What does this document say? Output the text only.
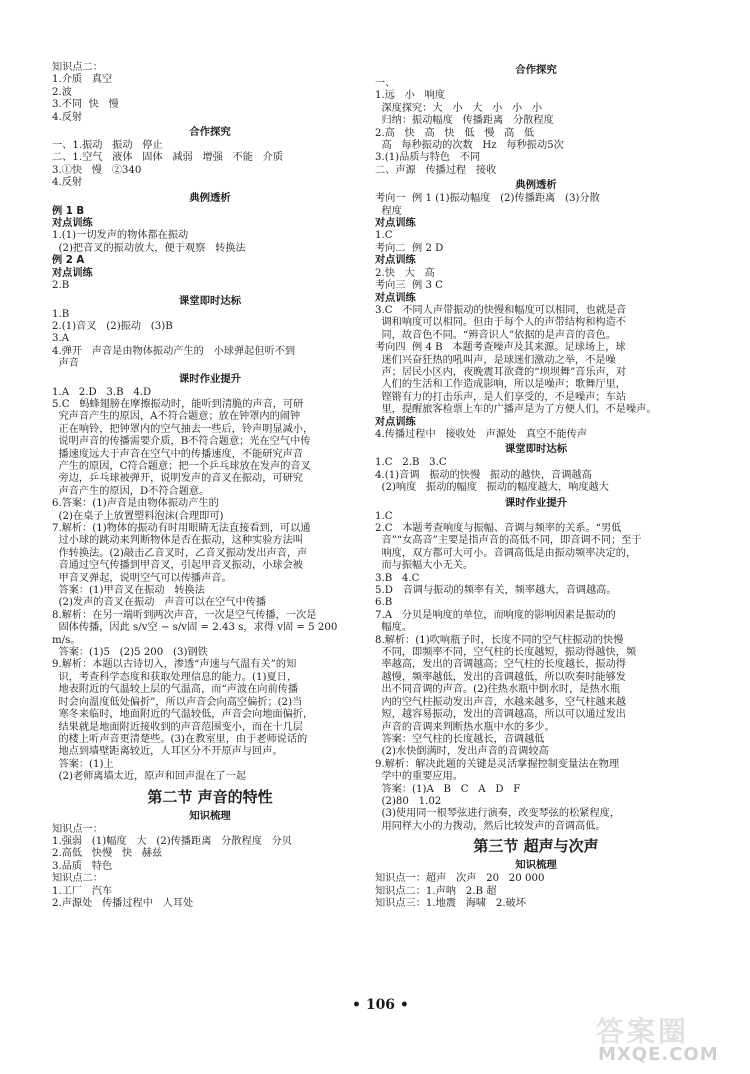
知识点二：
1.介质   真空
2.波
3.不同  快   慢
4.反射
合作探究
一、1.振动   振动   停止
二、1.空气   液体   固体   减弱   增强   不能   介质
3.①快   慢   ②340
4.反射
典例透析
例 1 B
对点训练
1.(1)一切发声的物体都在振动
(2)把音叉的振动放大，便于观察   转换法
例 2 A
对点训练
2.B
课堂即时达标
1.B
2.(1)音叉   (2)振动   (3)B
3.A
4.弹开   声音是由物体振动产生的   小球弹起但听不到
声音
课时作业提升
1.A   2.D   3.B   4.D
5.C   蚂蜂翅膀在摩擦振动时，能听到清脆的声音，可研
究声音产生的原因，A不符合题意；放在钟罩内的闹钟
正在响铃，把钟罩内的空气抽去一些后，铃声明显减小，
说明声音的传播需要介质，B不符合题意；光在空气中传
播速度远大于声音在空气中的传播速度，不能研究声音
产生的原因，C符合题意；把一个乒乓球放在发声的音叉
旁边，乒乓球被弹开，说明发声的音叉在振动，可研究
声音产生的原因，D不符合题意。
6.答案：(1)声音是由物体振动产生的
(2)在桌子上放置塑料泡沫(合理即可)
7.解析：(1)物体的振动有时用眼睛无法直接看到，可以通
过小球的跳动来判断物体是否在振动，这种实验方法叫
作转换法。(2)敲击乙音叉时，乙音叉振动发出声音，声
音通过空气传播到甲音叉，引起甲音叉振动，小球会被
甲音叉弹起，说明空气可以传播声音。
答案：(1)甲音叉在振动   转换法
(2)发声的音叉在振动   声音可以在空气中传播
8.解析：在另一端听到两次声音，一次是空气传播，一次是
固体传播，因此 s/v空 − s/v固 = 2.43 s，求得 v固 = 5 200 m/s。
答案：(1)5   (2)5 200   (3)钢铁
9.解析：本题以古诗切入，渗透“声速与气温有关”的知
识，考查科学态度和获取处理信息的能力。(1)夏日，
地表附近的气温较上层的气温高，而“声波在向前传播
时会向温度低处偏折”，所以声音会向高空偏折；(2)当
寒冬来临时，地面附近的气温较低，声音会向地面偏折，
结果就是地面附近接收到的声音范围变小，而在十几层
的楼上听声音更清楚些。(3)在教室里，由于老师说话的
地点到墙壁距离较近，人耳区分不开原声与回声。
答案：(1)上
(2)老师离墙太近，原声和回声混在了一起
第二节 声音的特性
知识梳理
知识点一：
1.强弱   (1)幅度   大   (2)传播距离   分散程度   分贝
2.高低   快慢   快   赫兹
3.品质   特色
知识点二：
1.工厂   汽车
2.声源处   传播过程中   人耳处
合作探究
一、
1.远   小   响度
深度探究：大   小   大   小   小   小
归纳：振动幅度   传播距离   分散程度
2.高   快   高   快   低   慢   高   低
高   每秒振动的次数   Hz   每秒振动5次
3.(1)品质与特色   不同
二、声源   传播过程   接收
典例透析
考向一  例 1 (1)振动幅度   (2)传播距离   (3)分散
程度
对点训练
1.C
考向二  例 2 D
对点训练
2.快   大   高
考向三  例 3 C
对点训练
3.C   不同人声带振动的快慢和幅度可以相同，也就是音
调和响度可以相同。但由于每个人的声带结构和构造不
同，故音色不同。“辨音识人”依据的是声音的音色。
考向四  例 4 B   本题考查噪声及其来源。足球场上，球
迷们兴奋狂热的吼叫声，是球迷们激动之举，不是噪
声；居民小区内，夜晚震耳欲聋的“坝坝舞”音乐声，对
人们的生活和工作造成影响，所以是噪声；歌舞厅里，
铿锵有力的打击乐声，是人们享受的，不是噪声；车站
里，提醒旅客检票上车的广播声是为了方便人们，不是噪声。
对点训练
4.传播过程中   接收处   声源处   真空不能传声
课堂即时达标
1.C   2.B   3.C
4.(1)音调   振动的快慢   振动的越快，音调越高
(2)响度   振动的幅度   振动的幅度越大，响度越大
课时作业提升
1.C
2.C   本题考查响度与振幅、音调与频率的关系。“男低
音”“女高音”主要是指声音的高低不同，即音调不同；至于
响度，双方都可大可小。音调高低是由振动频率决定的，
而与振幅大小无关。
3.B   4.C
5.D   音调与振动的频率有关，频率越大，音调越高。
6.B
7.A   分贝是响度的单位，而响度的影响因素是振动的
幅度。
8.解析：(1)吹响瓶子时，长度不同的空气柱振动的快慢
不同，即频率不同，空气柱的长度越短，振动得越快，频
率越高，发出的音调越高；空气柱的长度越长，振动得
越慢，频率越低，发出的音调越低，所以吹奏时能够发
出不同音调的声音。(2)往热水瓶中倒水时，是热水瓶
内的空气柱振动发出声音，水越来越多，空气柱越来越
短，越容易振动，发出的音调越高，所以可以通过发出
声音的音调来判断热水瓶中水的多少。
答案：空气柱的长度越长，音调越低
(2)水快倒满时，发出声音的音调较高
9.解析：解决此题的关键是灵活掌握控制变量法在物理
学中的重要应用。
答案：(1)A   B   C   A   D   F
(2)80   1.02
(3)使用同一根琴弦进行演奏，改变琴弦的松紧程度，
用同样大小的力拨动，然后比较发声的音调高低。
第三节 超声与次声
知识梳理
知识点一：超声   次声   20   20 000
知识点二：1.声呐   2.B 超
知识点三：1.地震   海啸   2.破坏
• 106 •
答案圈
MXQE.COM
